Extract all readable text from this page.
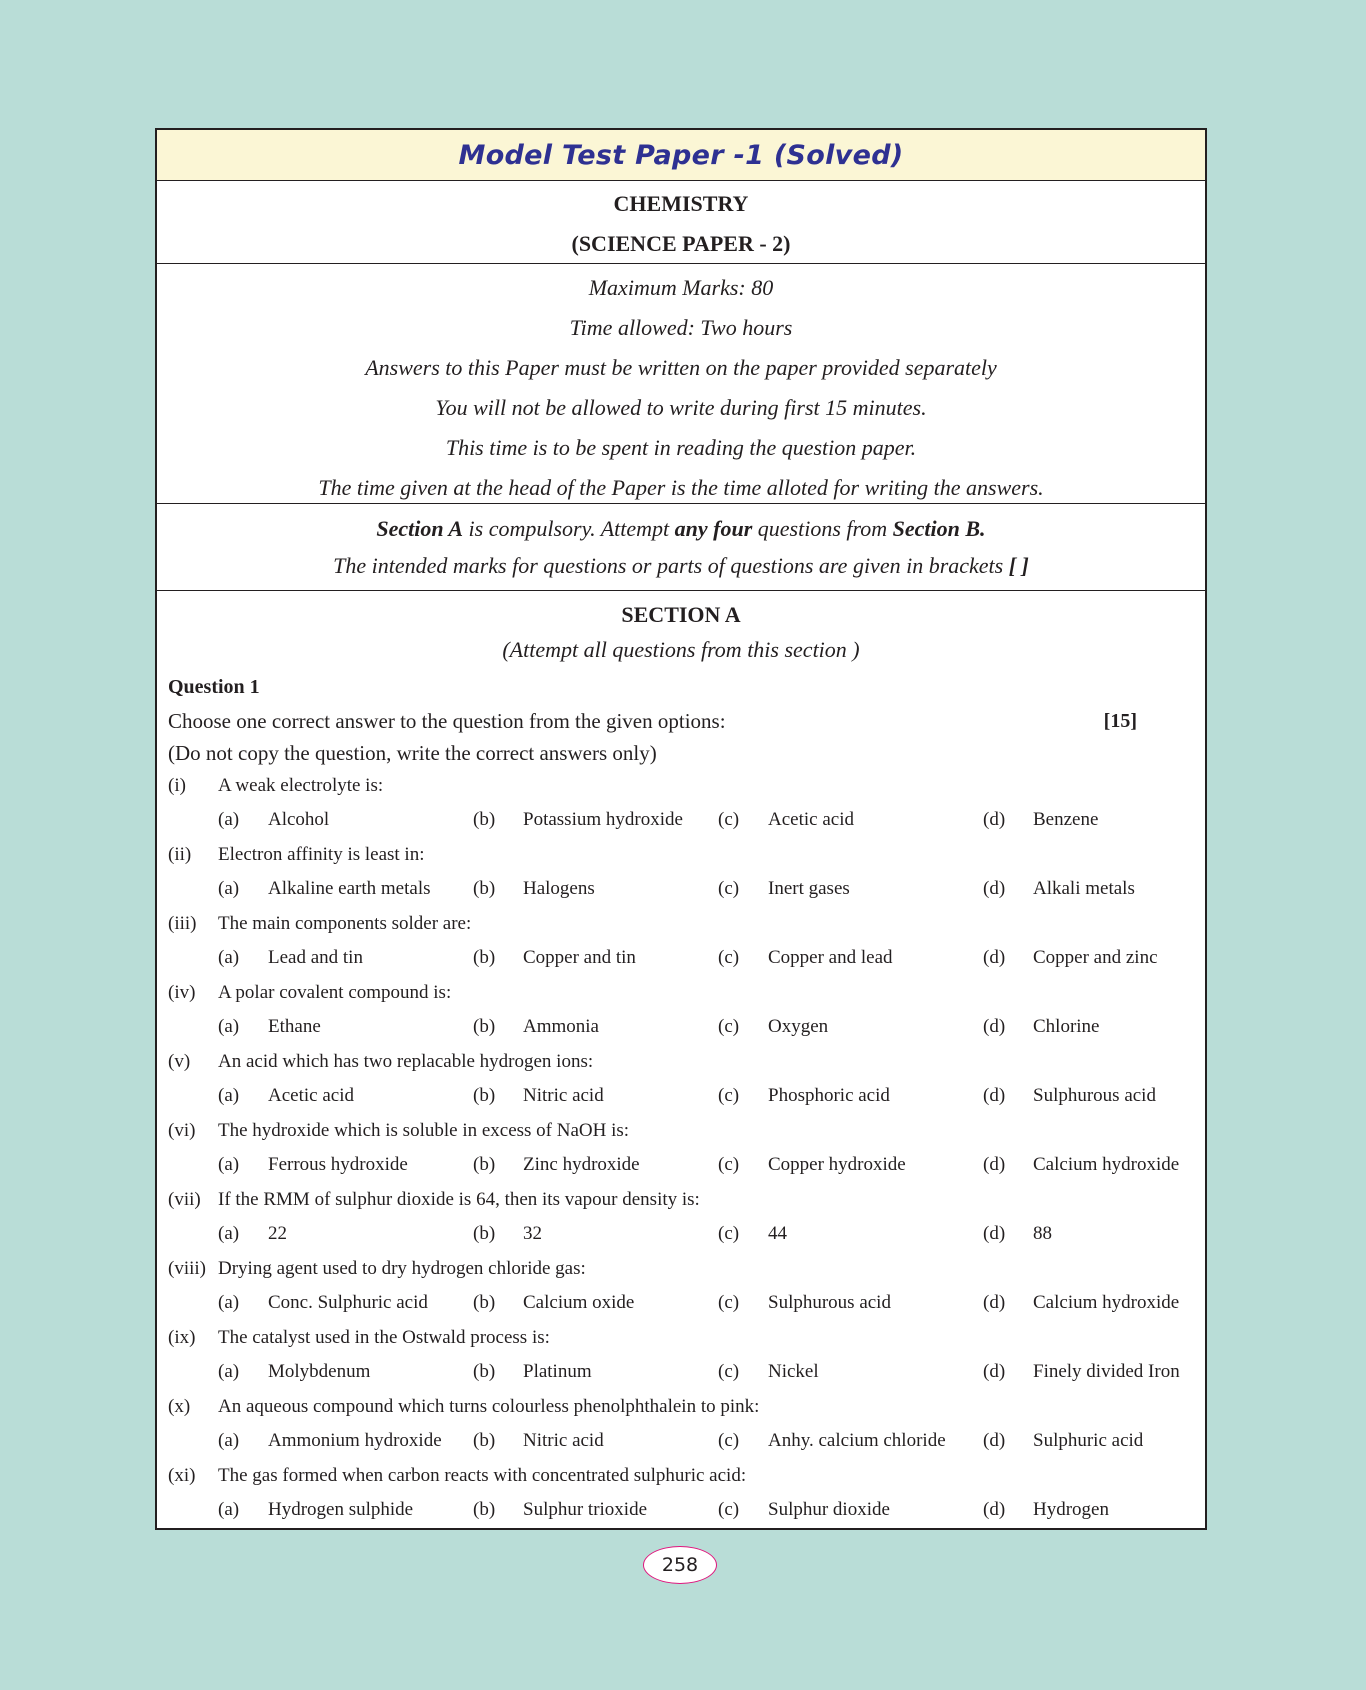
Model Test Paper -1 (Solved)
CHEMISTRY
(SCIENCE PAPER - 2)
Maximum Marks: 80
Time allowed: Two hours
Answers to this Paper must be written on the paper provided separately
You will not be allowed to write during first 15 minutes.
This time is to be spent in reading the question paper.
The time given at the head of the Paper is the time alloted for writing the answers.
Section A is compulsory. Attempt any four questions from Section B.
The intended marks for questions or parts of questions are given in brackets [ ]
SECTION A
(Attempt all questions from this section )
Question 1
Choose one correct answer to the question from the given options:	[15]
(Do not copy the question, write the correct answers only)
(i) A weak electrolyte is:
(a) Alcohol	(b) Potassium hydroxide (c) Acetic acid	(d) Benzene
(ii) Electron affinity is least in:
(a) Alkaline earth metals (b) Halogens	(c) Inert gases	(d) Alkali metals
(iii) The main components solder are:
(a) Lead and tin	(b) Copper and tin	(c) Copper and lead	(d) Copper and zinc
(iv) A polar covalent compound is:
(a) Ethane	(b) Ammonia	(c) Oxygen	(d) Chlorine
(v) An acid which has two replacable hydrogen ions:
(a) Acetic acid	(b) Nitric acid	(c) Phosphoric acid	(d) Sulphurous acid
(vi) The hydroxide which is soluble in excess of NaOH is:
(a) Ferrous hydroxide	(b) Zinc hydroxide	(c) Copper hydroxide	(d) Calcium hydroxide
(vii) If the RMM of sulphur dioxide is 64, then its vapour density is:
(a) 22	(b) 32	(c) 44	(d) 88
(viii) Drying agent used to dry hydrogen chloride gas:
(a) Conc. Sulphuric acid (b) Calcium oxide	(c) Sulphurous acid	(d) Calcium hydroxide
(ix) The catalyst used in the Ostwald process is:
(a) Molybdenum	(b) Platinum	(c) Nickel	(d) Finely divided Iron
(x) An aqueous compound which turns colourless phenolphthalein to pink:
(a) Ammonium hydroxide (b) Nitric acid	(c) Anhy. calcium chloride (d) Sulphuric acid
(xi) The gas formed when carbon reacts with concentrated sulphuric acid:
(a) Hydrogen sulphide	(b) Sulphur trioxide	(c) Sulphur dioxide	(d) Hydrogen
258
